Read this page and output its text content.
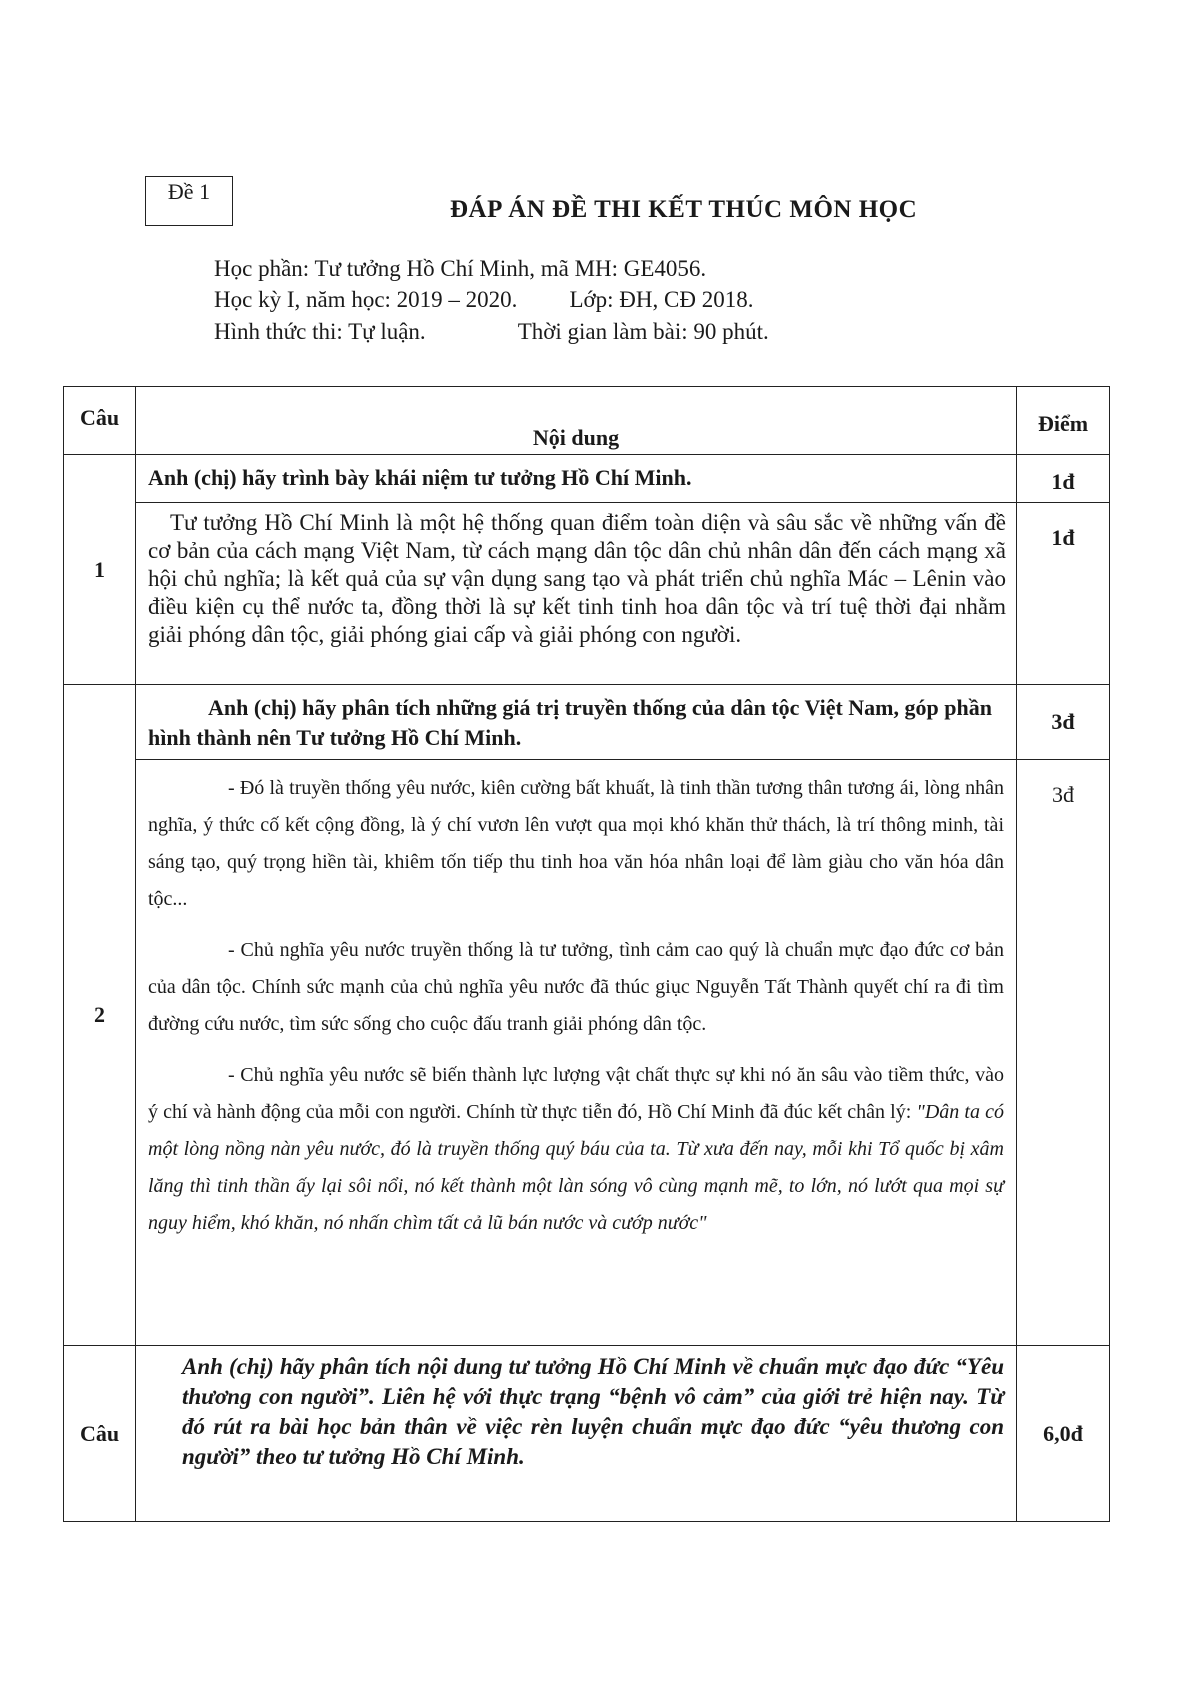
Đề 1
ĐÁP ÁN ĐỀ THI KẾT THÚC MÔN HỌC
Học phần: Tư tưởng Hồ Chí Minh, mã MH: GE4056.
Học kỳ I, năm học: 2019 – 2020. Lớp: ĐH, CĐ 2018.
Hình thức thi: Tự luận.	Thời gian làm bài: 90 phút.
Câu	Nội dung	Điểm
1	Anh (chị) hãy trình bày khái niệm tư tưởng Hồ Chí Minh.	1đ
	Tư tưởng Hồ Chí Minh là một hệ thống quan điểm toàn diện và sâu sắc về những vấn đề cơ bản của cách mạng Việt Nam, từ cách mạng dân tộc dân chủ nhân dân đến cách mạng xã hội chủ nghĩa; là kết quả của sự vận dụng sang tạo và phát triển chủ nghĩa Mác – Lênin vào điều kiện cụ thể nước ta, đồng thời là sự kết tinh tinh hoa dân tộc và trí tuệ thời đại nhằm giải phóng dân tộc, giải phóng giai cấp và giải phóng con người.	1đ
2	Anh (chị) hãy phân tích những giá trị truyền thống của dân tộc Việt Nam, góp phần hình thành nên Tư tưởng Hồ Chí Minh.	3đ

	- Đó là truyền thống yêu nước, kiên cường bất khuất, là tinh thần tương thân tương ái, lòng nhân nghĩa, ý thức cố kết cộng đồng, là ý chí vươn lên vượt qua mọi khó khăn thử thách, là trí thông minh, tài sáng tạo, quý trọng hiền tài, khiêm tốn tiếp thu tinh hoa văn hóa nhân loại để làm giàu cho văn hóa dân tộc...

- Chủ nghĩa yêu nước truyền thống là tư tưởng, tình cảm cao quý là chuẩn mực đạo đức cơ bản của dân tộc. Chính sức mạnh của chủ nghĩa yêu nước đã thúc giục Nguyễn Tất Thành quyết chí ra đi tìm đường cứu nước, tìm sức sống cho cuộc đấu tranh giải phóng dân tộc.

- Chủ nghĩa yêu nước sẽ biến thành lực lượng vật chất thực sự khi nó ăn sâu vào tiềm thức, vào ý chí và hành động của mỗi con người. Chính từ thực tiễn đó, Hồ Chí Minh đã đúc kết chân lý: "Dân ta có một lòng nồng nàn yêu nước, đó là truyền thống quý báu của ta. Từ xưa đến nay, mỗi khi Tổ quốc bị xâm lăng thì tinh thần ấy lại sôi nổi, nó kết thành một làn sóng vô cùng mạnh mẽ, to lớn, nó lướt qua mọi sự nguy hiểm, khó khăn, nó nhấn chìm tất cả lũ bán nước và cướp nước"	3đ
Câu	Anh (chị) hãy phân tích nội dung tư tưởng Hồ Chí Minh về chuẩn mực đạo đức “Yêu thương con người”. Liên hệ với thực trạng “bệnh vô cảm” của giới trẻ hiện nay. Từ đó rút ra bài học bản thân về việc rèn luyện chuẩn mực đạo đức “yêu thương con người” theo tư tưởng Hồ Chí Minh.	6,0đ
